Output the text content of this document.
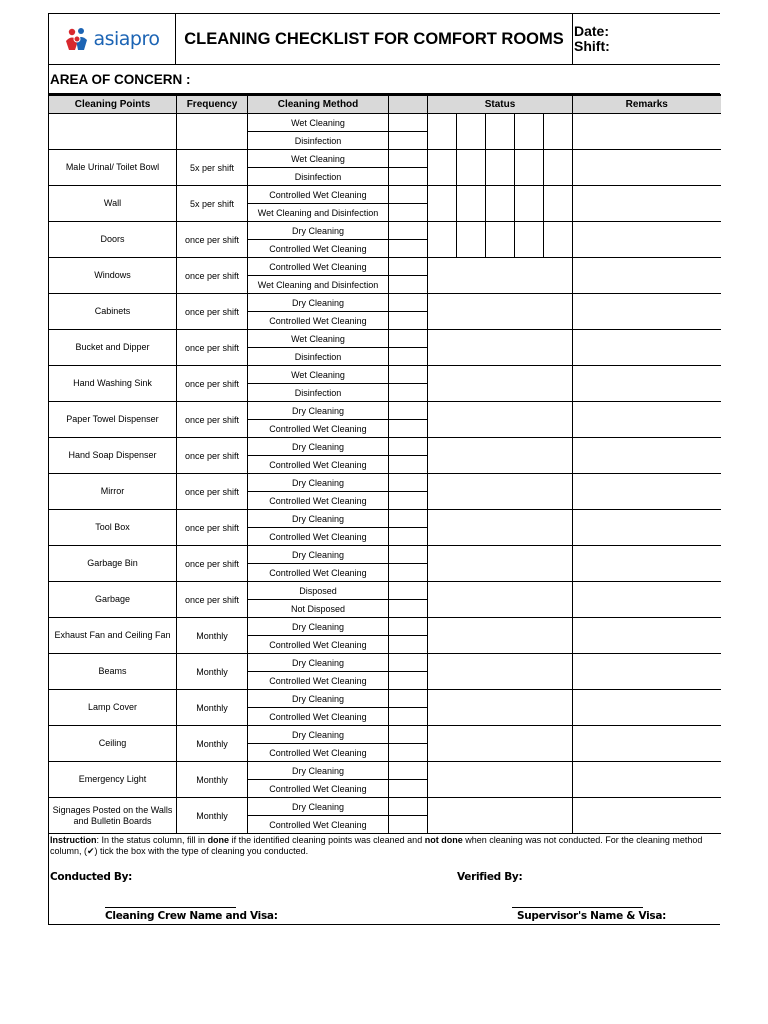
asiapro	CLEANING CHECKLIST FOR COMFORT ROOMS Date:
Shift:
AREA OF CONCERN :
Cleaning Points	Frequency	Cleaning Method		Status					Remarks
		Wet Cleaning							
		Disinfection							
Male Urinal/ Toilet Bowl	5x per shift	Wet Cleaning							
		Disinfection							
Wall	5x per shift	Controlled Wet Cleaning							
		Wet Cleaning and Disinfection							
Doors	once per shift	Dry Cleaning							
		Controlled Wet Cleaning							
Windows	once per shift	Controlled Wet Cleaning							
		Wet Cleaning and Disinfection							
Cabinets	once per shift	Dry Cleaning							
		Controlled Wet Cleaning							
Bucket and Dipper	once per shift	Wet Cleaning							
		Disinfection							
Hand Washing Sink	once per shift	Wet Cleaning							
		Disinfection							
Paper Towel Dispenser	once per shift	Dry Cleaning							
		Controlled Wet Cleaning							
Hand Soap Dispenser	once per shift	Dry Cleaning							
		Controlled Wet Cleaning							
Mirror	once per shift	Dry Cleaning							
		Controlled Wet Cleaning							
Tool Box	once per shift	Dry Cleaning							
		Controlled Wet Cleaning							
Garbage Bin	once per shift	Dry Cleaning							
		Controlled Wet Cleaning							
Garbage	once per shift	Disposed							
		Not Disposed							
Exhaust Fan and Ceiling Fan	Monthly	Dry Cleaning							
		Controlled Wet Cleaning							
Beams	Monthly	Dry Cleaning							
		Controlled Wet Cleaning							
Lamp Cover	Monthly	Dry Cleaning							
		Controlled Wet Cleaning							
Ceiling	Monthly	Dry Cleaning							
		Controlled Wet Cleaning							
Emergency Light	Monthly	Dry Cleaning							
		Controlled Wet Cleaning							
Signages Posted on the Walls and Bulletin Boards	Monthly	Dry Cleaning							
		Controlled Wet Cleaning							
Instruction: In the status column, fill in done if the identified cleaning points was cleaned and not done when cleaning was not conducted. For the cleaning method column, (✔) tick the box with the type of cleaning you conducted.
Conducted By:	Verified By:
Cleaning Crew Name and Visa:	Supervisor's Name & Visa:
